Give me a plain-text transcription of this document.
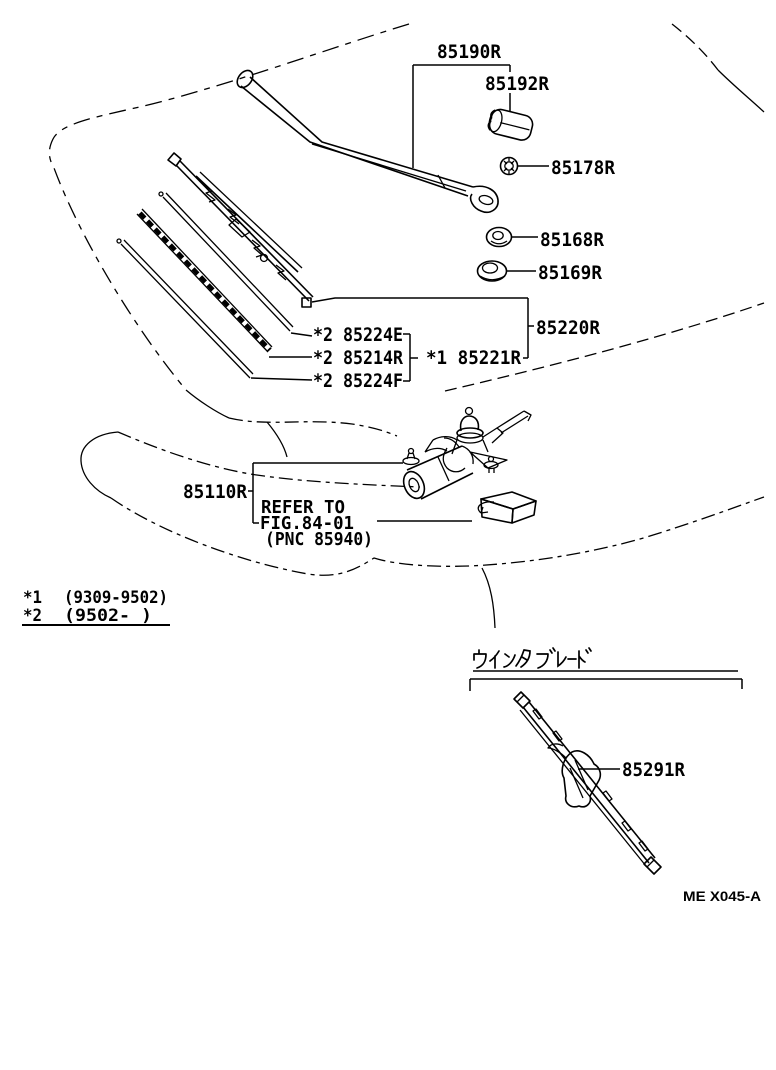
85190R
85192R
85178R
85168R
85169R
85220R
*2 85224E
*2 85214R *1 85221R
*2 85224F
85110R
85291R
REFER TO
FIG.84-01
(PNC 85940)
*1 (9309-9502)
*2 (9502- )
ME X045-A
